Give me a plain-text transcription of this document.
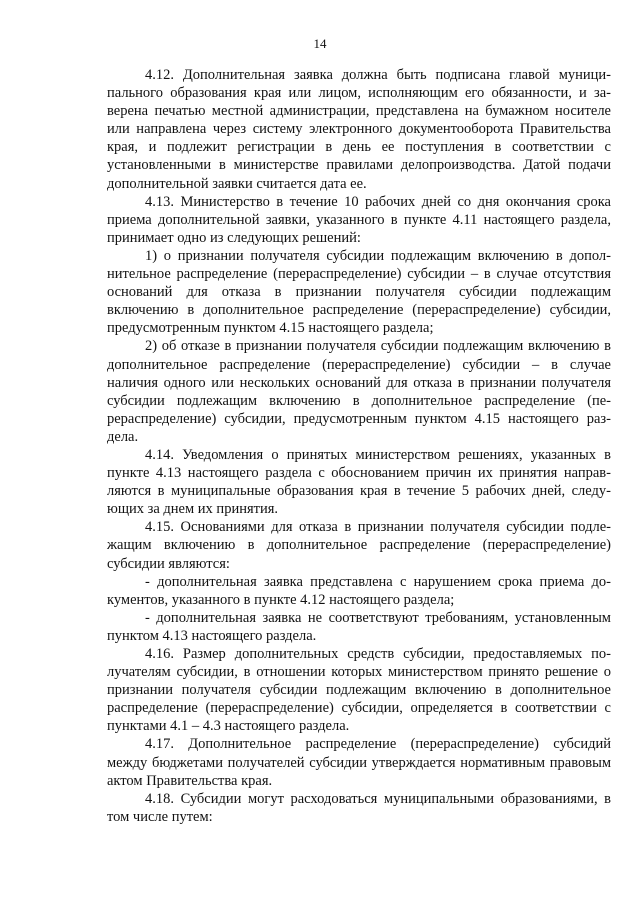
14

4.12. Дополнительная заявка должна быть подписана главой муниципального образования края или лицом, исполняющим его обязанности, и заверена печатью местной администрации, представлена на бумажном носителе или направлена через систему электронного документооборота Правительства края, и подлежит регистрации в день ее поступления в соответствии с установленными в министерстве правилами делопроизводства. Датой подачи дополнительной заявки считается дата ее.

4.13. Министерство в течение 10 рабочих дней со дня окончания срока приема дополнительной заявки, указанного в пункте 4.11 настоящего раздела, принимает одно из следующих решений:

1) о признании получателя субсидии подлежащим включению в дополнительное распределение (перераспределение) субсидии – в случае отсутствия оснований для отказа в признании получателя субсидии подлежащим включению в дополнительное распределение (перераспределение) субсидии, предусмотренным пунктом 4.15 настоящего раздела;

2) об отказе в признании получателя субсидии подлежащим включению в дополнительное распределение (перераспределение) субсидии – в случае наличия одного или нескольких оснований для отказа в признании получателя субсидии подлежащим включению в дополнительное распределение (перераспределение) субсидии, предусмотренным пунктом 4.15 настоящего раздела.

4.14. Уведомления о принятых министерством решениях, указанных в пункте 4.13 настоящего раздела с обоснованием причин их принятия направляются в муниципальные образования края в течение 5 рабочих дней, следующих за днем их принятия.

4.15. Основаниями для отказа в признании получателя субсидии подлежащим включению в дополнительное распределение (перераспределение) субсидии являются:

- дополнительная заявка представлена с нарушением срока приема документов, указанного в пункте 4.12 настоящего раздела;

- дополнительная заявка не соответствуют требованиям, установленным пунктом 4.13 настоящего раздела.

4.16. Размер дополнительных средств субсидии, предоставляемых получателям субсидии, в отношении которых министерством принято решение о признании получателя субсидии подлежащим включению в дополнительное распределение (перераспределение) субсидии, определяется в соответствии с пунктами 4.1 – 4.3 настоящего раздела.

4.17. Дополнительное распределение (перераспределение) субсидий между бюджетами получателей субсидии утверждается нормативным правовым актом Правительства края.

4.18. Субсидии могут расходоваться муниципальными образованиями, в том числе путем:
